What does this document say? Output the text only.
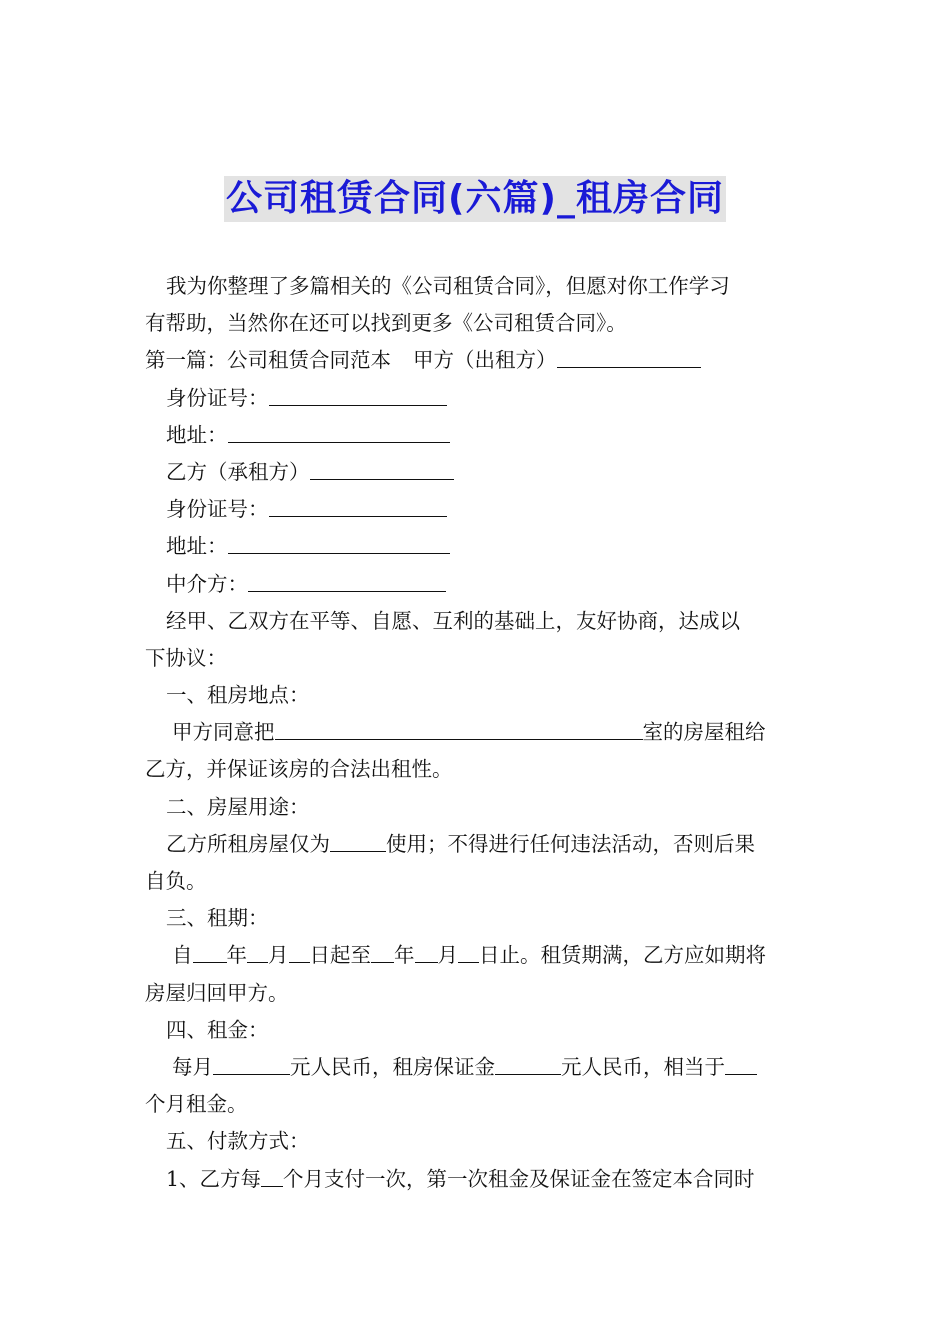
公司租赁合同(六篇)_租房合同
我为你整理了多篇相关的《公司租赁合同》，但愿对你工作学习
有帮助，当然你在还可以找到更多《公司租赁合同》。
第一篇：公司租赁合同范本 甲方（出租方）
身份证号：
地址：
乙方（承租方）
身份证号：
地址：
中介方：
经甲、乙双方在平等、自愿、互利的基础上，友好协商，达成以
下协议：
一、租房地点：
甲方同意把	室的房屋租给
乙方，并保证该房的合法出租性。
二、房屋用途：
乙方所租房屋仅为	使用；不得进行任何违法活动，否则后果
自负。
三、租期：
自 年 月 日起至 年 月 日止。租赁期满，乙方应如期将
房屋归回甲方。
四、租金：
每月	元人民币，租房保证金	元人民币，相当于
个月租金。
五、付款方式：
1、乙方每 个月支付一次，第一次租金及保证金在签定本合同时
